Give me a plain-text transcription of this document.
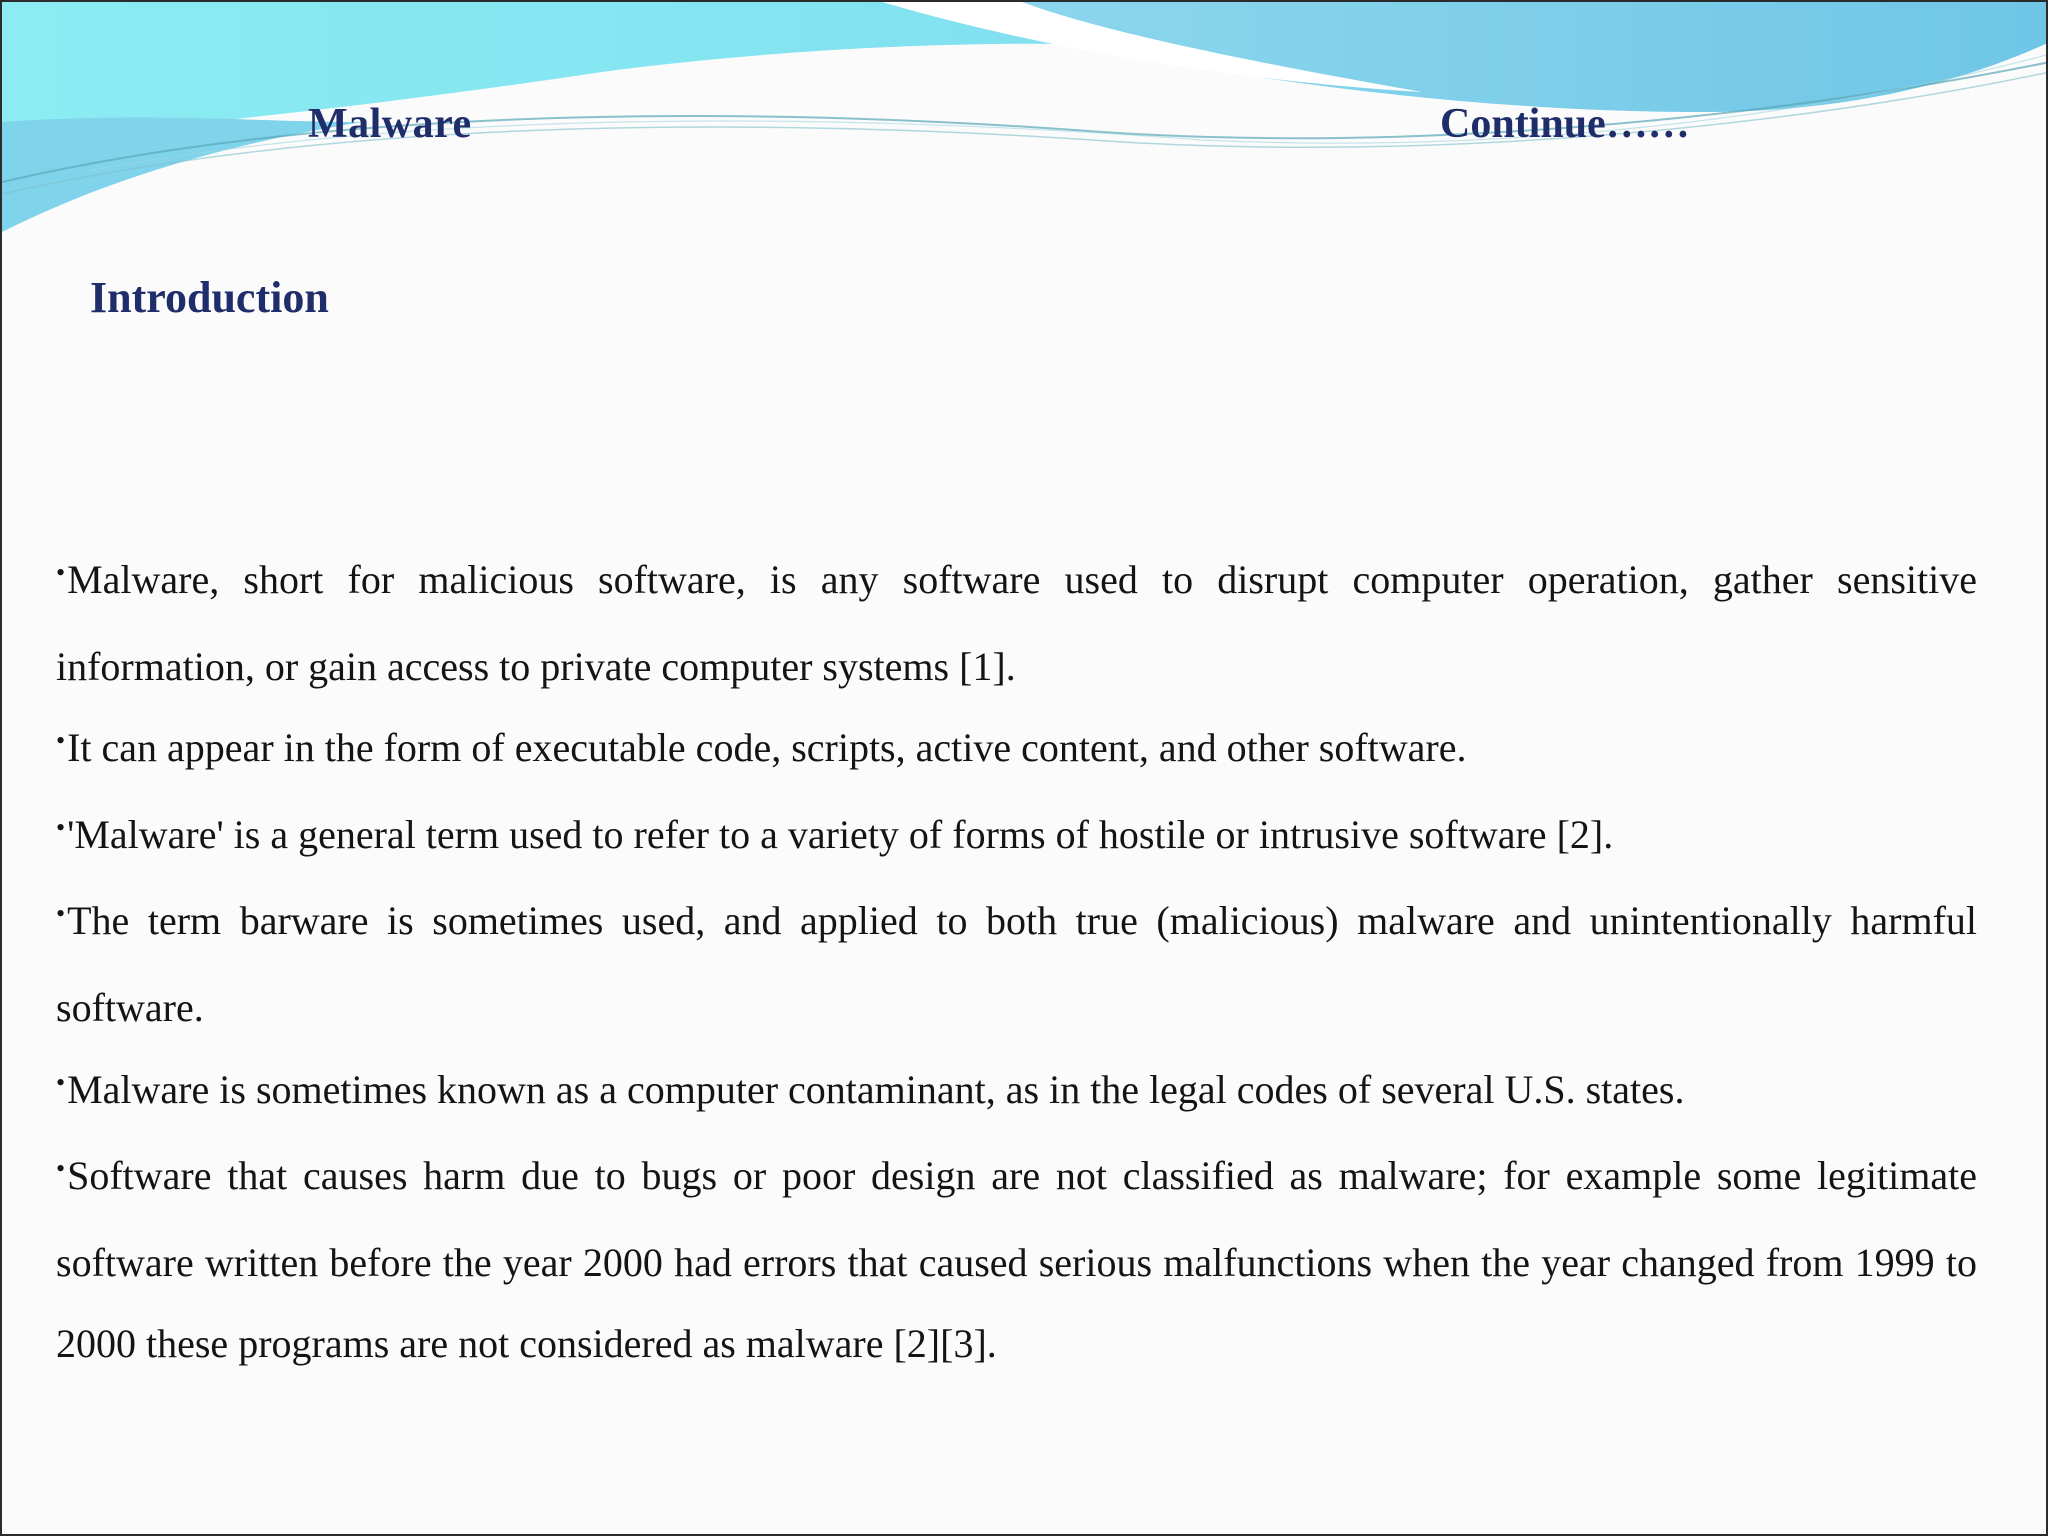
Malware	Continue……
Introduction
•Malware, short for malicious software, is any software used to disrupt computer operation, gather sensitive information, or gain access to private computer systems [1].
•It can appear in the form of executable code, scripts, active content, and other software.
•'Malware' is a general term used to refer to a variety of forms of hostile or intrusive software [2].
•The term barware is sometimes used, and applied to both true (malicious) malware and unintentionally harmful software.
•Malware is sometimes known as a computer contaminant, as in the legal codes of several U.S. states.
•Software that causes harm due to bugs or poor design are not classified as malware; for example some legitimate software written before the year 2000 had errors that caused serious malfunctions when the year changed from 1999 to 2000 these programs are not considered as malware [2][3].
